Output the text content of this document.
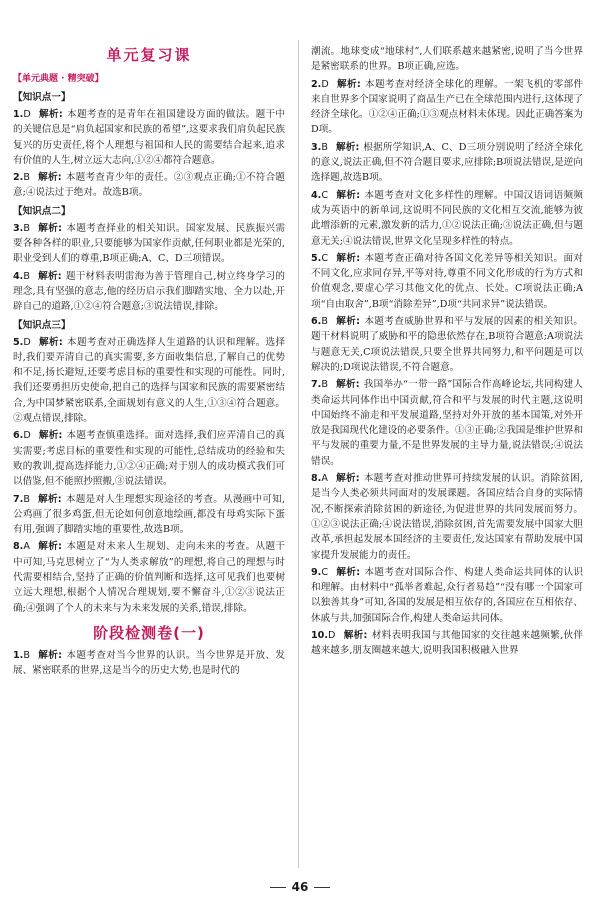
单元复习课
【单元典题 · 精突破】
【知识点一】
1.D 解析: 本题考查的是青年在祖国建设方面的做法。题干中的关键信息是“肩负起国家和民族的希望”,这要求我们肩负起民族复兴的历史责任,将个人理想与祖国和人民的需要结合起来,追求有价值的人生,树立远大志向,①②④都符合题意。
2.B 解析: 本题考查青少年的责任。②③观点正确;①不符合题意;④说法过于绝对。故选B项。
【知识点二】
3.B 解析: 本题考查择业的相关知识。国家发展、民族振兴需要各种各样的职业,只要能够为国家作贡献,任何职业都是光荣的,职业受到人们的尊重,B项正确;A、C、D三项错误。
4.B 解析: 题干材料表明雷海为善于管理自己,树立终身学习的理念,具有坚强的意志,他的经历启示我们脚踏实地、全力以赴,开辟自己的道路,①②④符合题意;③说法错误,排除。
【知识点三】
5.D 解析: 本题考查对正确选择人生道路的认识和理解。选择时,我们要弄清自己的真实需要,多方面收集信息,了解自己的优势和不足,扬长避短,还要考虑目标的重要性和实现的可能性。同时,我们还要勇担历史使命,把自己的选择与国家和民族的需要紧密结合,为中国梦紧密联系,全面规划有意义的人生,①③④符合题意。②观点错误,排除。
6.D 解析: 本题考查慎重选择。面对选择,我们应弄清自己的真实需要;考虑目标的重要性和实现的可能性,总结成功的经验和失败的教训,提高选择能力,①②④正确;对于别人的成功模式我们可以借鉴,但不能照抄照搬,③说法错误。
7.B 解析: 本题是对人生理想实现途径的考查。从漫画中可知,公鸡画了很多鸡蛋,但无论如何创意地绘画,都没有母鸡实际下蛋有用,强调了脚踏实地的重要性,故选B项。
8.A 解析: 本题是对未来人生规划、走向未来的考查。从题干中可知,马克思树立了“为人类求解放”的理想,将自己的理想与时代需要相结合,坚持了正确的价值判断和选择,这可见我们也要树立远大理想,根据个人情况合理规划,要不懈奋斗,①②③说法正确;④强调了个人的未来与为未来发展的关系,错误,排除。
阶段检测卷(一)
1.B 解析: 本题考查对当今世界的认识。当今世界是开放、发展、紧密联系的世界,这是当今的历史大势,也是时代的
潮流。地球变成“地球村”,人们联系越来越紧密,说明了当今世界是紧密联系的世界。B项正确,应选。
2.D 解析: 本题考查对经济全球化的理解。一架飞机的零部件来自世界多个国家说明了商品生产已在全球范围内进行,这体现了经济全球化。①②④正确;①③观点材料未体现。因此正确答案为D项。
3.B 解析: 根据所学知识,A、C、D三项分别说明了经济全球化的意义,说法正确,但不符合题目要求,应排除;B项说法错误,是逆向选择题,故选B项。
4.C 解析: 本题考查对文化多样性的理解。中国汉语词语频频成为英语中的新单词,这说明不同民族的文化相互交流,能够为彼此增添新的元素,激发新的活力,①②说法正确;③说法正确,但与题意无关;④说法错误,世界文化呈现多样性的特点。
5.C 解析: 本题考查正确对待各国文化差异等相关知识。面对不同文化,应求同存异,平等对待,尊重不同文化形成的行为方式和价值观念,要虚心学习其他文化的优点、长处。C项说法正确;A项“自由取舍”,B项“消除差异”,D项“共同求异”说法错误。
6.B 解析: 本题考查威胁世界和平与发展的因素的相关知识。题干材料说明了威胁和平的隐患依然存在,B项符合题意;A项说法与题意无关,C项说法错误,只要全世界共同努力,和平问题是可以解决的;D项说法错误,不符合题意。
7.B 解析: 我国举办“一带一路”国际合作高峰论坛,共同构建人类命运共同体作出中国贡献,符合和平与发展的时代主题,这说明中国始终不渝走和平发展道路,坚持对外开放的基本国策,对外开放是我国现代化建设的必要条件。①③正确;②我国是维护世界和平与发展的重要力量,不是世界发展的主导力量,说法错误;④说法错误。
8.A 解析: 本题考查对推动世界可持续发展的认识。消除贫困,是当今人类必须共同面对的发展课题。各国应结合自身的实际情况,不断探索消除贫困的新途径,为促进世界的共同发展而努力。①②③说法正确;④说法错误,消除贫困,首先需要发展中国家大胆改革,承担起发展本国经济的主要责任,发达国家有帮助发展中国家提升发展能力的责任。
9.C 解析: 本题考查对国际合作、构建人类命运共同体的认识和理解。由材料中“孤举者难起,众行者易趋”“没有哪一个国家可以独善其身”可知,各国的发展是相互依存的,各国应在互相依存、休戚与共,加强国际合作,构建人类命运共同体。
10.D 解析: 材料表明我国与其他国家的交往越来越频繁,伙伴越来越多,朋友圈越来越大,说明我国积极融入世界
46
